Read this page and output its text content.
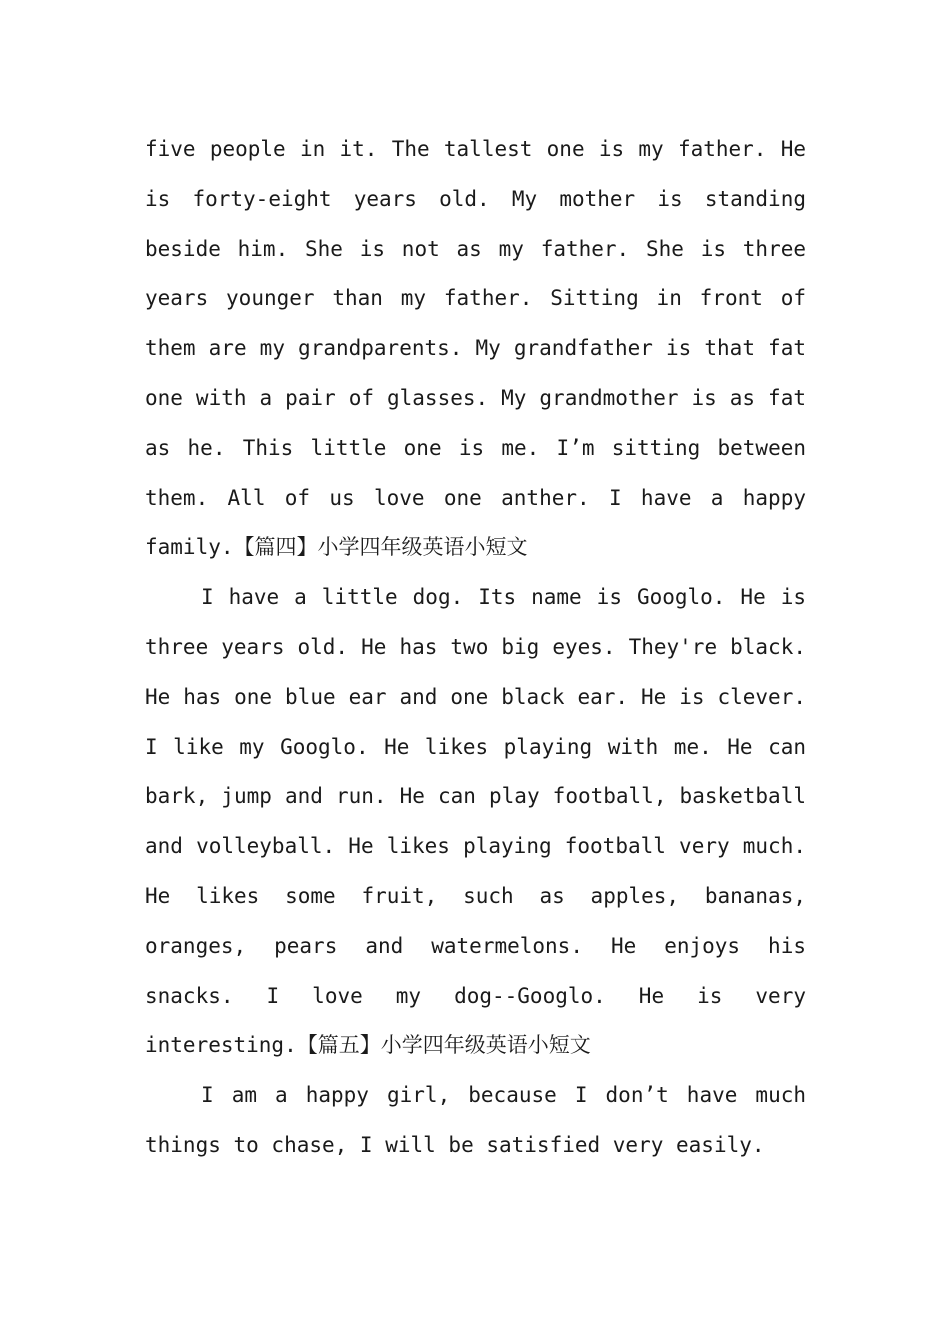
five people in it. The tallest one is my father. He is forty-eight years old. My mother is standing beside him. She is not as my father. She is three years younger than my father. Sitting in front of them are my grandparents. My grandfather is that fat one with a pair of glasses. My grandmother is as fat as he. This little one is me. I’m sitting between them. All of us love one anther. I have a happy family.【篇四】小学四年级英语小短文

I have a little dog. Its name is Googlo. He is three years old. He has two big eyes. They're black. He has one blue ear and one black ear. He is clever. I like my Googlo. He likes playing with me. He can bark, jump and run. He can play football, basketball and volleyball. He likes playing football very much. He likes some fruit, such as apples, bananas, oranges, pears and watermelons. He enjoys his snacks. I love my dog--Googlo. He is very interesting.【篇五】小学四年级英语小短文

I am a happy girl, because I don’t have much things to chase, I will be satisfied very easily.
